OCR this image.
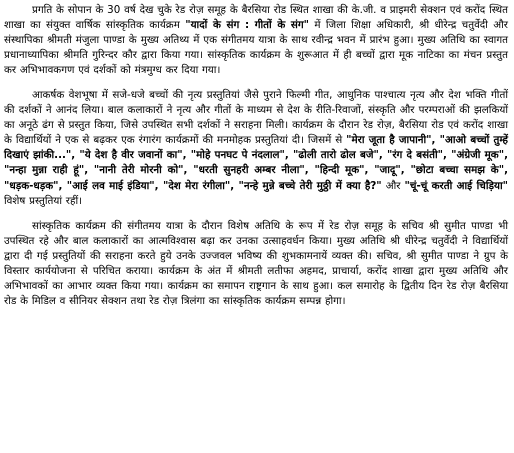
प्रगति के सोपान के 30 वर्ष देख चुके रेड रोज़ समूह के बैरसिया रोड स्थित शाखा की के.जी. व प्राइमरी सेक्शन एवं करोंद स्थित शाखा का संयुक्त वार्षिक सांस्कृतिक कार्यक्रम "यादों के संग : गीतों के संग" में जिला शिक्षा अधिकारी, श्री धीरेन्द्र चतुर्वेदी और संस्थापिका श्रीमती मंजुला पाण्डा के मुख्य अतिथ्य में एक संगीतमय यात्रा के साथ रवीन्द्र भवन में प्रारंभ हुआ। मुख्य अतिथि का स्वागत प्रधानाध्यापिका श्रीमति गुरिन्दर कौर द्वारा किया गया। सांस्कृतिक कार्यक्रम के शुरूआत में ही बच्चों द्वारा मूक नाटिका का मंचन प्रस्तुत कर अभिभावकगण एवं दर्शकों को मंत्रमुग्ध कर दिया गया।

आकर्षक वेशभूषा में सजे-धजे बच्चों की नृत्य प्रस्तुतियां जैसे पुराने फिल्मी गीत, आधुनिक पाश्चात्य नृत्य और देश भक्ति गीतों की दर्शकों ने आनंद लिया। बाल कलाकारों ने नृत्य और गीतों के माध्यम से देश के रीति-रिवाजों, संस्कृति और परम्पराओं की झलकियों का अनूठे ढंग से प्रस्तुत किया, जिसे उपस्थित सभी दर्शकों ने सराहना मिली। कार्यक्रम के दौरान रेड रोज़, बैरसिया रोड एवं करोंद शाखा के विद्यार्थियों ने एक से बढ़कर एक रंगारंग कार्यक्रमों की मनमोहक प्रस्तुतियां दी। जिसमें से "मेरा जूता है जापानी", "आओ बच्चों तुम्हें दिखाएं झांकी...", "ये देश है वीर जवानों का", "मोहे पनघट पे नंदलाल", "ढोली तारो ढोल बजे", "रंग दे बसंती", "अंग्रेजी मूक", "नन्हा मुन्ना राही हूं", "नानी तेरी मोरनी को", "धरती सुनहरी अम्बर नीला", "हिन्दी मूक", "जादू", "छोटा बच्चा समझ के", "धड़क-धड़क", "आई लव माई इंडिया", "देश मेरा रंगीला", "नन्हे मुन्ने बच्चे तेरी मुठ्ठी में क्या है?" और "चूं-चूं करती आई चिड़िया" विशेष प्रस्तुतियां रहीं।

सांस्कृतिक कार्यक्रम की संगीतमय यात्रा के दौरान विशेष अतिथि के रूप में रेड रोज़ समूह के सचिव श्री सुमीत पाण्डा भी उपस्थित रहे और बाल कलाकारों का आत्मविश्वास बढ़ा कर उनका उत्साहवर्धन किया। मुख्य अतिथि श्री धीरेन्द्र चतुर्वेदी ने विद्यार्थियों द्वारा दी गई प्रस्तुतियों की सराहना करते हुये उनके उज्जवल भविष्य की शुभकामनायें व्यक्त की। सचिव, श्री सुमीत पाण्डा ने ग्रुप के विस्तार कार्ययोजना से परिचित कराया। कार्यक्रम के अंत में श्रीमती लतीफा अहमद, प्राचार्या, करोंद शाखा द्वारा मुख्य अतिथि और अभिभावकों का आभार व्यक्त किया गया। कार्यक्रम का समापन राष्ट्रगान के साथ हुआ। कल समारोह के द्वितीय दिन रेड रोज़ बैरसिया रोड के मिडिल व सीनियर सेक्शन तथा रेड रोज़ त्रिलंगा का सांस्कृतिक कार्यक्रम सम्पन्न होगा।
